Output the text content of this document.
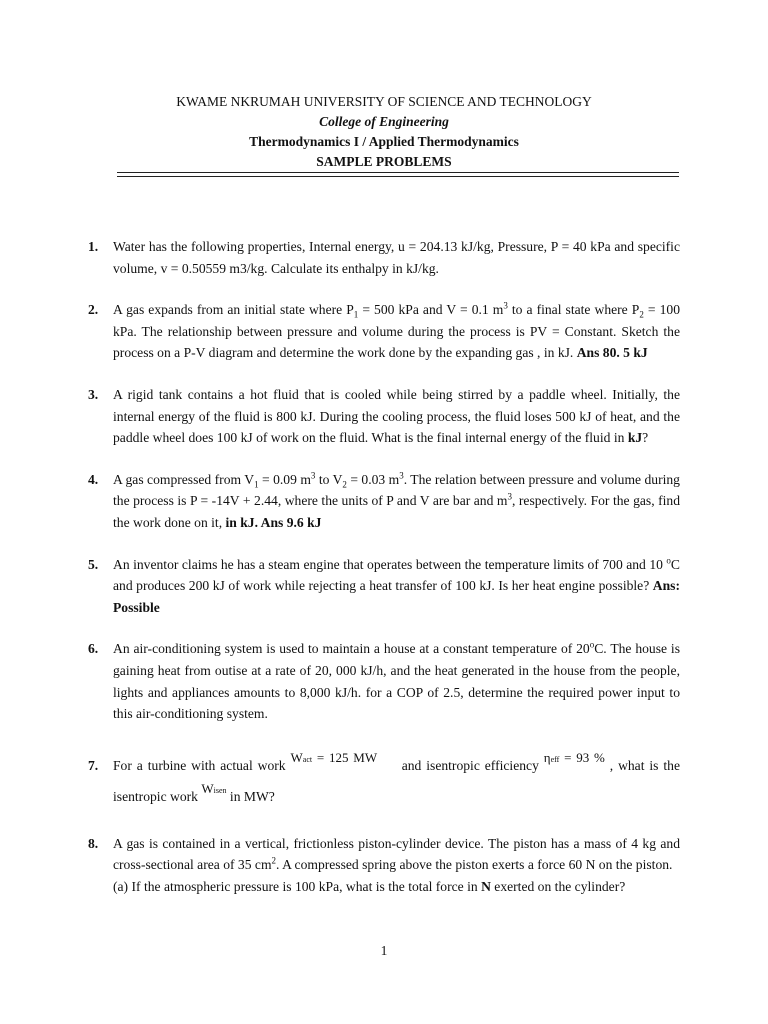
KWAME NKRUMAH UNIVERSITY OF SCIENCE AND TECHNOLOGY
College of Engineering
Thermodynamics I / Applied Thermodynamics
SAMPLE PROBLEMS
1. Water has the following properties, Internal energy, u = 204.13 kJ/kg, Pressure, P = 40 kPa and specific volume, v = 0.50559 m3/kg. Calculate its enthalpy in kJ/kg.
2. A gas expands from an initial state where $P_1 = 500$ kPa and V = 0.1 $m^3$ to a final state where $P_2 = 100$ kPa. The relationship between pressure and volume during the process is PV = Constant. Sketch the process on a P-V diagram and determine the work done by the expanding gas , in kJ. Ans 80. 5 kJ
3. A rigid tank contains a hot fluid that is cooled while being stirred by a paddle wheel. Initially, the internal energy of the fluid is 800 kJ. During the cooling process, the fluid loses 500 kJ of heat, and the paddle wheel does 100 kJ of work on the fluid. What is the final internal energy of the fluid in kJ?
4. A gas compressed from $V_1 = 0.09$ $m^3$ to $V_2 = 0.03$ $m^3$. The relation between pressure and volume during the process is P = -14V + 2.44, where the units of P and V are bar and $m^3$, respectively. For the gas, find the work done on it, in kJ. Ans 9.6 kJ
5. An inventor claims he has a steam engine that operates between the temperature limits of 700 and 10 $^o$C and produces 200 kJ of work while rejecting a heat transfer of 100 kJ. Is her heat engine possible? Ans: Possible
6. An air-conditioning system is used to maintain a house at a constant temperature of 20$^o$C. The house is gaining heat from outise at a rate of 20, 000 kJ/h, and the heat generated in the house from the people, lights and appliances amounts to 8,000 kJ/h. for a COP of 2.5, determine the required power input to this air-conditioning system.
7. For a turbine with actual work Wact = 125 MW     and isentropic efficiency ηeff = 93 % , what is the isentropic work Wisen in MW?
8. A gas is contained in a vertical, frictionless piston-cylinder device. The piston has a mass of 4 kg and cross-sectional area of 35 $cm^2$. A compressed spring above the piston exerts a force 60 N on the piston.
(a) If the atmospheric pressure is 100 kPa, what is the total force in N exerted on the cylinder?
1
